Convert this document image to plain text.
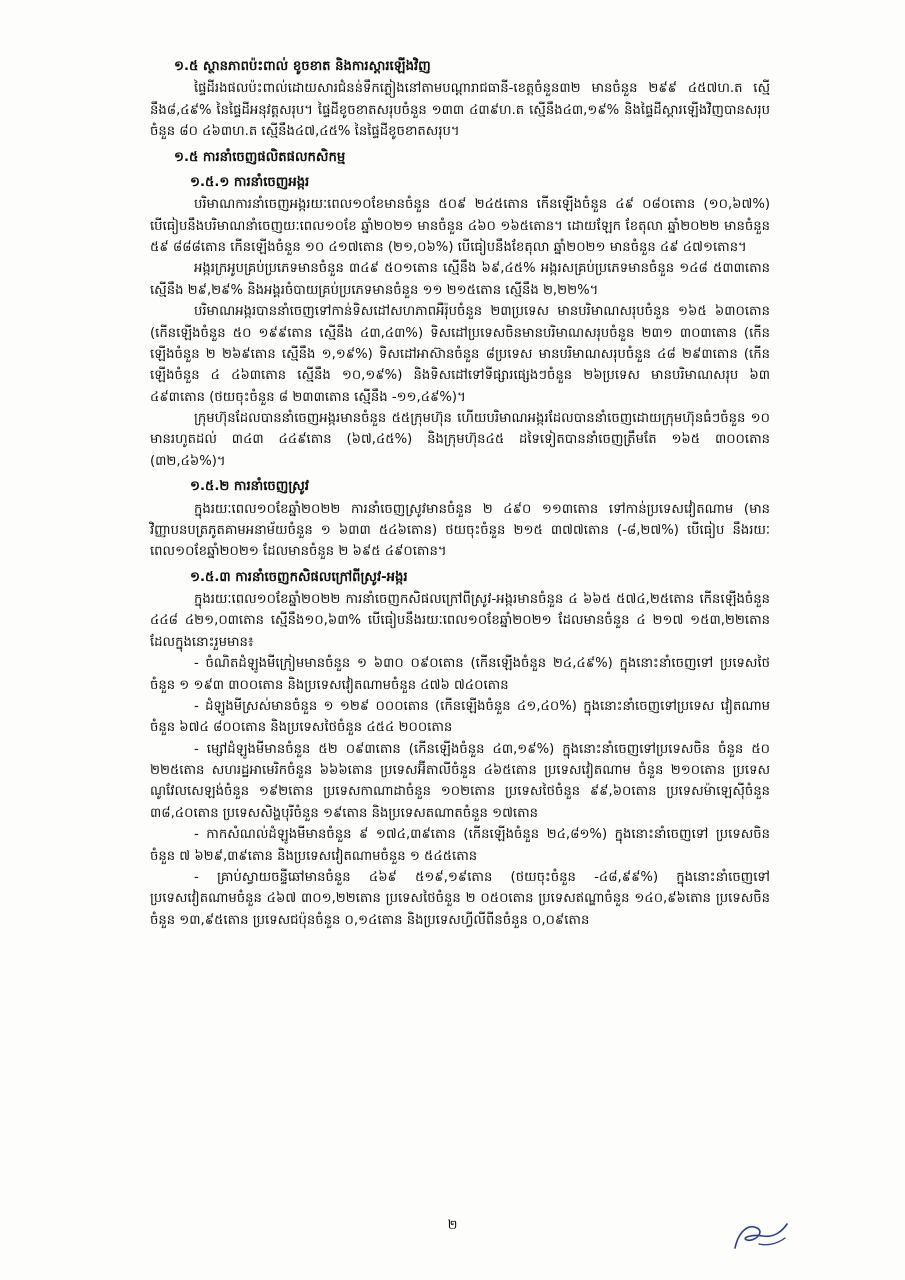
១.៥ ស្ថានភាពប៉ះពាល់ ខូចខាត និងការស្តារឡើងវិញ

ផ្ទៃដីរងផលប៉ះពាល់ដោយសារជំនន់ទឹកភ្លៀងនៅតាមបណ្តារាជធានី-ខេត្តចំនួន៣២ មានចំនួន ២៩៩ ៤៥៧ហ.ត ស្មើនឹង៨,៤៩% នៃផ្ទៃដីអនុវត្តសរុប។ ផ្ទៃដីខូចខាតសរុបចំនួន ១៣៣ ៤៣៩ហ.ត ស្មើនឹង៤៣,១៩% និងផ្ទៃដីស្តារឡើងវិញបានសរុបចំនួន ៨០ ៤៦៣ហ.ត ស្មើនឹង៤៧,៤៥% នៃផ្ទៃដីខូចខាតសរុប។

១.៥ ការនាំចេញផលិតផលកសិកម្ម
១.៥.១ ការនាំចេញអង្ករ

បរិមាណការនាំចេញអង្ករយៈពេល១០ខែមានចំនួន ៥០៩ ២៤៥តោន កើនឡើងចំនួន ៤៩ ០៨០តោន (១០,៦៧%) បើធៀបនឹងបរិមាណនាំចេញយៈពេល១០ខែ ឆ្នាំ២០២១ មានចំនួន ៤៦០ ១៦៥តោន។ ដោយឡែក ខែតុលា ឆ្នាំ២០២២ មានចំនួន ៥៩ ៨៨៨តោន កើនឡើងចំនួន ១០ ៤១៧តោន (២១,០៦%) បើធៀបនឹងខែតុលា ឆ្នាំ២០២១ មានចំនួន ៤៩ ៤៧១តោន។

អង្ករក្រអូបគ្រប់ប្រភេទមានចំនួន ៣៤៩ ៥០១តោន ស្មើនឹង ៦៩,៤៥% អង្ករសគ្រប់ប្រភេទមានចំនួន ១៤៨ ៥៣៣តោន ស្មើនឹង ២៩,២៩% និងអង្គរចំបាយគ្រប់ប្រភេទមានចំនួន ១១ ២១៥តោន ស្មើនឹង ២,២២%។

បរិមាណអង្ករបាននាំចេញទៅកាន់ទិសដៅសហភាពអឺរ៉ុបចំនួន ២៣ប្រទេស មានបរិមាណសរុបចំនួន ១៦៥ ៦៣០តោន (កើនឡើងចំនួន ៥០ ១៩៩តោន ស្មើនឹង ៤៣,៤៣%) ទិសដៅប្រទេសចិនមានបរិមាណសរុបចំនួន ២៣១ ៣០៣តោន (កើនឡើងចំនួន ២ ២៦៩តោន ស្មើនឹង ១,១៩%) ទិសដៅអាស៊ានចំនួន ៨ប្រទេស មានបរិមាណសរុបចំនួន ៤៨ ២៩៣តោន (កើនឡើងចំនួន ៤ ៤៦៣តោន ស្មើនឹង ១០,១៩%) និងទិសដៅទៅទីផ្សារផ្សេងៗចំនួន ២៦ប្រទេស មានបរិមាណសរុប ៦៣ ៤៩៣តោន (ថយចុះចំនួន ៨ ២៣៣តោន ស្មើនឹង -១១,៤៩%)។

ក្រុមហ៊ុនដែលបាននាំចេញអង្ករមានចំនួន ៥៥ក្រុមហ៊ុន ហើយបរិមាណអង្ករដែលបាននាំចេញដោយក្រុមហ៊ុនធំៗចំនួន ១០ មានរហូតដល់ ៣៤៣ ៤៤៩តោន (៦៧,៤៥%) និងក្រុមហ៊ុន៤៥ ដទៃទៀតបាននាំចេញត្រឹមតែ ១៦៥ ៣០០តោន (៣២,៤៦%)។

១.៥.២ ការនាំចេញស្រូវ

ក្នុងរយៈពេល១០ខែឆ្នាំ២០២២ ការនាំចេញស្រូវមានចំនួន ២ ៤៩០ ១១៣តោន ទៅកាន់ប្រទេសវៀតណាម (មានវិញ្ញាបនបត្រភូតគាមអនាម័យចំនួន ១ ៦៣៣ ៥៤៦តោន) ថយចុះចំនួន ២១៥ ៣៧៧តោន (-៨,២៧%) បើធៀប នឹងរយៈពេល១០ខែឆ្នាំ២០២១ ដែលមានចំនួន ២ ៦៩៥ ៤៩០តោន។

១.៥.៣ ការនាំចេញកសិផលក្រៅពីស្រូវ-អង្ករ

ក្នុងរយៈពេល១០ខែឆ្នាំ២០២២ ការនាំចេញកសិផលក្រៅពីស្រូវ-អង្ករមានចំនួន ៤ ៦៦៥ ៥៧៤,២៥តោន កើនឡើងចំនួន ៤៤៨ ៤២១,០៣តោន ស្មើនឹង១០,៦៣% បើធៀបនឹងរយៈពេល១០ខែឆ្នាំ២០២១ ដែលមានចំនួន ៤ ២១៧ ១៥៣,២២តោន ដែលក្នុងនោះរួមមាន៖

- ចំណិតដំឡូងមីក្រៀមមានចំនួន ១ ៦៣០ ០៩០តោន (កើនឡើងចំនួន ២៤,៤៩%) ក្នុងនោះនាំចេញទៅ ប្រទេសថៃចំនួន ១ ១៩៣ ៣០០តោន និងប្រទេសវៀតណាមចំនួន ៤៧៦ ៧៤០តោន

- ដំឡូងមីស្រស់មានចំនួន ១ ១២៩ ០០០តោន (កើនឡើងចំនួន ៤១,៤០%) ក្នុងនោះនាំចេញទៅប្រទេស វៀតណាមចំនួន ៦៧៤ ៨០០តោន និងប្រទេសថៃចំនួន ៤៥៤ ២០០តោន

- ម្សៅដំឡូងមីមានចំនួន ៥២ ០៩៣តោន (កើនឡើងចំនួន ៤៣,១៩%) ក្នុងនោះនាំចេញទៅប្រទេសចិន ចំនួន ៥០ ២២៥តោន សហរដ្ឋអាមេរិកចំនួន ៦៦៦តោន ប្រទេសអ៊ីតាលីចំនួន ៤៦៥តោន ប្រទេសវៀតណាម ចំនួន ២១០តោន ប្រទេសណូវែលសេឡង់ចំនួន ១៩២តោន ប្រទេសកាណាដាចំនួន ១០២តោន ប្រទេសថៃចំនួន ៩៩,៦០តោន ប្រទេសម៉ាឡេស៊ីចំនួន ៣៨,៤០តោន ប្រទេសសិង្ហបុរីចំនួន ១៩តោន និងប្រទេសតណាតចំនួន ១៧តោន

- កាកសំណល់ដំឡូងមីមានចំនួន ៩ ១៧៤,៣៩តោន (កើនឡើងចំនួន ២៤,៨១%) ក្នុងនោះនាំចេញទៅ ប្រទេសចិនចំនួន ៧ ៦២៩,៣៩តោន និងប្រទេសវៀតណាមចំនួន ១ ៥៤៥តោន

- គ្រាប់ស្វាយចន្ទីឆៅមានចំនួន ៤៦៩ ៥១៩,១៩តោន (ថយចុះចំនួន -៤៨,៩៩%) ក្នុងនោះនាំចេញទៅ ប្រទេសវៀតណាមចំនួន ៤៦៧ ៣០១,២២តោន ប្រទេសថៃចំនួន ២ ០៥០តោន ប្រទេសឥណ្ឌាចំនួន ១៤០,៩៦តោន ប្រទេសចិនចំនួន ១៣,៩៥តោន ប្រទេសជប៉ុនចំនួន ០,១៤តោន និងប្រទេសហ្វីលីពីនចំនួន ០,០៩តោន

២
